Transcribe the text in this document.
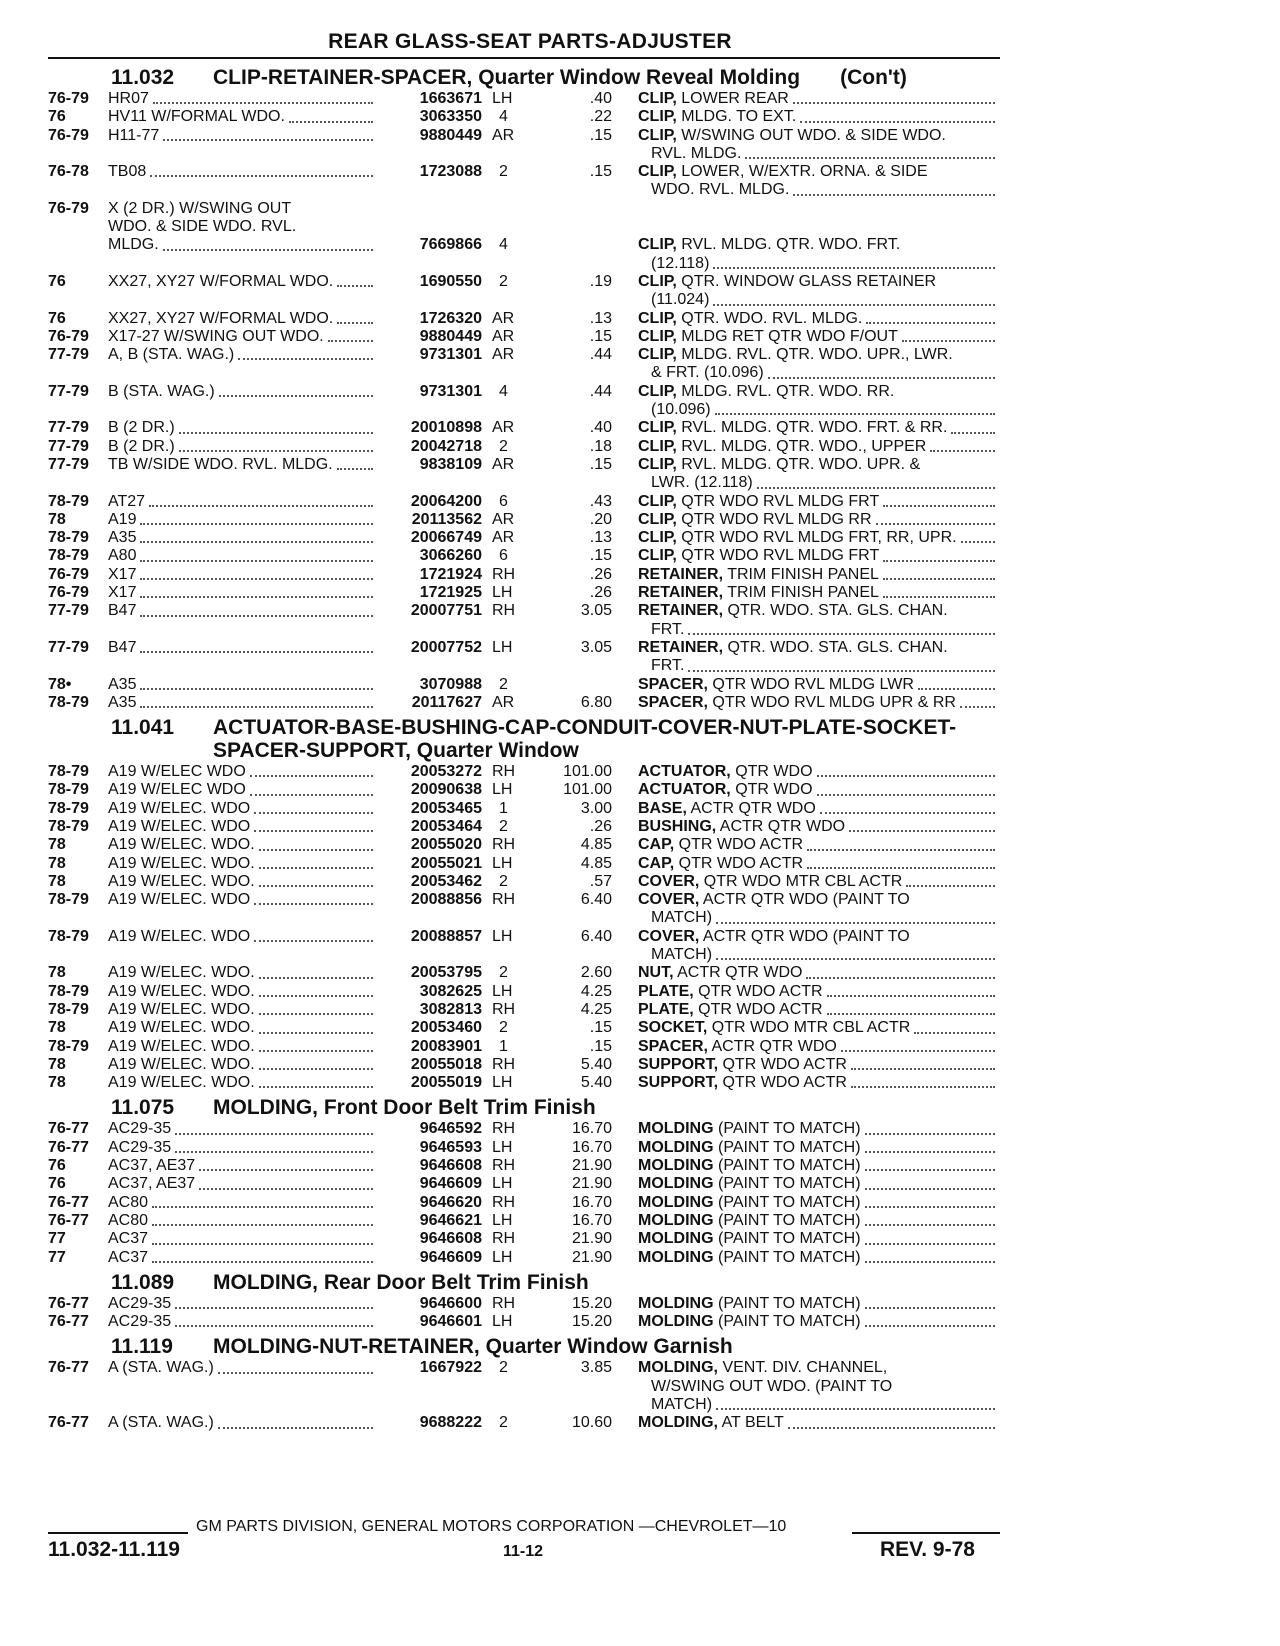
REAR GLASS-SEAT PARTS-ADJUSTER
11.032	CLIP-RETAINER-SPACER, Quarter Window Reveal Molding (Con't)
76-79 HR07	1663671 LH	.40 CLIP, LOWER REAR
76	HV11 W/FORMAL WDO.	3063350	4	.22 CLIP, MLDG. TO EXT.
76-79 H11-77	9880449 AR	.15 CLIP, W/SWING OUT WDO. & SIDE WDO.
RVL. MLDG.
76-78 TB08	1723088	2	.15 CLIP, LOWER, W/EXTR. ORNA. & SIDE
WDO. RVL. MLDG.
76-79 X (2 DR.) W/SWING OUT
WDO. & SIDE WDO. RVL.
MLDG.	7669866	4	CLIP, RVL. MLDG. QTR. WDO. FRT.
(12.118)
76	XX27, XY27 W/FORMAL WDO.	1690550	2	.19 CLIP, QTR. WINDOW GLASS RETAINER
(11.024)
76	XX27, XY27 W/FORMAL WDO.	1726320 AR	.13 CLIP, QTR. WDO. RVL. MLDG.
76-79 X17-27 W/SWING OUT WDO.	9880449 AR	.15 CLIP, MLDG RET QTR WDO F/OUT
77-79 A, B (STA. WAG.)	9731301 AR	.44 CLIP, MLDG. RVL. QTR. WDO. UPR., LWR.
& FRT. (10.096)
77-79 B (STA. WAG.)	9731301	4	.44 CLIP, MLDG. RVL. QTR. WDO. RR.
(10.096)
77-79 B (2 DR.)	20010898 AR	.40 CLIP, RVL. MLDG. QTR. WDO. FRT. & RR.
77-79 B (2 DR.)	20042718	2	.18 CLIP, RVL. MLDG. QTR. WDO., UPPER
77-79 TB W/SIDE WDO. RVL. MLDG.	9838109 AR	.15 CLIP, RVL. MLDG. QTR. WDO. UPR. &
LWR. (12.118)
78-79 AT27	20064200	6	.43 CLIP, QTR WDO RVL MLDG FRT
78	A19	20113562 AR	.20 CLIP, QTR WDO RVL MLDG RR
78-79 A35	20066749 AR	.13 CLIP, QTR WDO RVL MLDG FRT, RR, UPR.
78-79 A80	3066260	6	.15 CLIP, QTR WDO RVL MLDG FRT
76-79 X17	1721924 RH	.26 RETAINER, TRIM FINISH PANEL
76-79 X17	1721925 LH	.26 RETAINER, TRIM FINISH PANEL
77-79 B47	20007751 RH	3.05 RETAINER, QTR. WDO. STA. GLS. CHAN.
FRT.
77-79 B47	20007752 LH	3.05 RETAINER, QTR. WDO. STA. GLS. CHAN.
FRT.
78• A35	3070988	2	SPACER, QTR WDO RVL MLDG LWR
78-79 A35	20117627 AR	6.80 SPACER, QTR WDO RVL MLDG UPR & RR
11.041	ACTUATOR-BASE-BUSHING-CAP-CONDUIT-COVER-NUT-PLATE-SOCKET-SPACER-SUPPORT, Quarter Window
78-79 A19 W/ELEC WDO	20053272 RH	101.00 ACTUATOR, QTR WDO
78-79 A19 W/ELEC WDO	20090638 LH	101.00 ACTUATOR, QTR WDO
78-79 A19 W/ELEC. WDO	20053465	1	3.00 BASE, ACTR QTR WDO
78-79 A19 W/ELEC. WDO	20053464	2	.26 BUSHING, ACTR QTR WDO
78	A19 W/ELEC. WDO.	20055020 RH	4.85 CAP, QTR WDO ACTR
78	A19 W/ELEC. WDO.	20055021 LH	4.85 CAP, QTR WDO ACTR
78	A19 W/ELEC. WDO.	20053462	2	.57 COVER, QTR WDO MTR CBL ACTR
78-79 A19 W/ELEC. WDO	20088856 RH	6.40 COVER, ACTR QTR WDO (PAINT TO
MATCH)
78-79 A19 W/ELEC. WDO	20088857 LH	6.40 COVER, ACTR QTR WDO (PAINT TO
MATCH)
78	A19 W/ELEC. WDO.	20053795	2	2.60 NUT, ACTR QTR WDO
78-79 A19 W/ELEC. WDO.	3082625 LH	4.25 PLATE, QTR WDO ACTR
78-79 A19 W/ELEC. WDO.	3082813 RH	4.25 PLATE, QTR WDO ACTR
78	A19 W/ELEC. WDO.	20053460	2	.15 SOCKET, QTR WDO MTR CBL ACTR
78-79 A19 W/ELEC. WDO.	20083901	1	.15 SPACER, ACTR QTR WDO
78	A19 W/ELEC. WDO.	20055018 RH	5.40 SUPPORT, QTR WDO ACTR
78	A19 W/ELEC. WDO.	20055019 LH	5.40 SUPPORT, QTR WDO ACTR
11.075	MOLDING, Front Door Belt Trim Finish
76-77 AC29-35	9646592 RH	16.70 MOLDING (PAINT TO MATCH)
76-77 AC29-35	9646593 LH	16.70 MOLDING (PAINT TO MATCH)
76	AC37, AE37	9646608 RH	21.90 MOLDING (PAINT TO MATCH)
76	AC37, AE37	9646609 LH	21.90 MOLDING (PAINT TO MATCH)
76-77 AC80	9646620 RH	16.70 MOLDING (PAINT TO MATCH)
76-77 AC80	9646621 LH	16.70 MOLDING (PAINT TO MATCH)
77	AC37	9646608 RH	21.90 MOLDING (PAINT TO MATCH)
77	AC37	9646609 LH	21.90 MOLDING (PAINT TO MATCH)
11.089	MOLDING, Rear Door Belt Trim Finish
76-77 AC29-35	9646600 RH	15.20 MOLDING (PAINT TO MATCH)
76-77 AC29-35	9646601 LH	15.20 MOLDING (PAINT TO MATCH)
11.119	MOLDING-NUT-RETAINER, Quarter Window Garnish
76-77 A (STA. WAG.)	1667922	2	3.85 MOLDING, VENT. DIV. CHANNEL,
W/SWING OUT WDO. (PAINT TO
MATCH)
76-77 A (STA. WAG.)	9688222	2	10.60 MOLDING, AT BELT
GM PARTS DIVISION, GENERAL MOTORS CORPORATION —CHEVROLET—10
11.032-11.119	11-12	REV. 9-78
